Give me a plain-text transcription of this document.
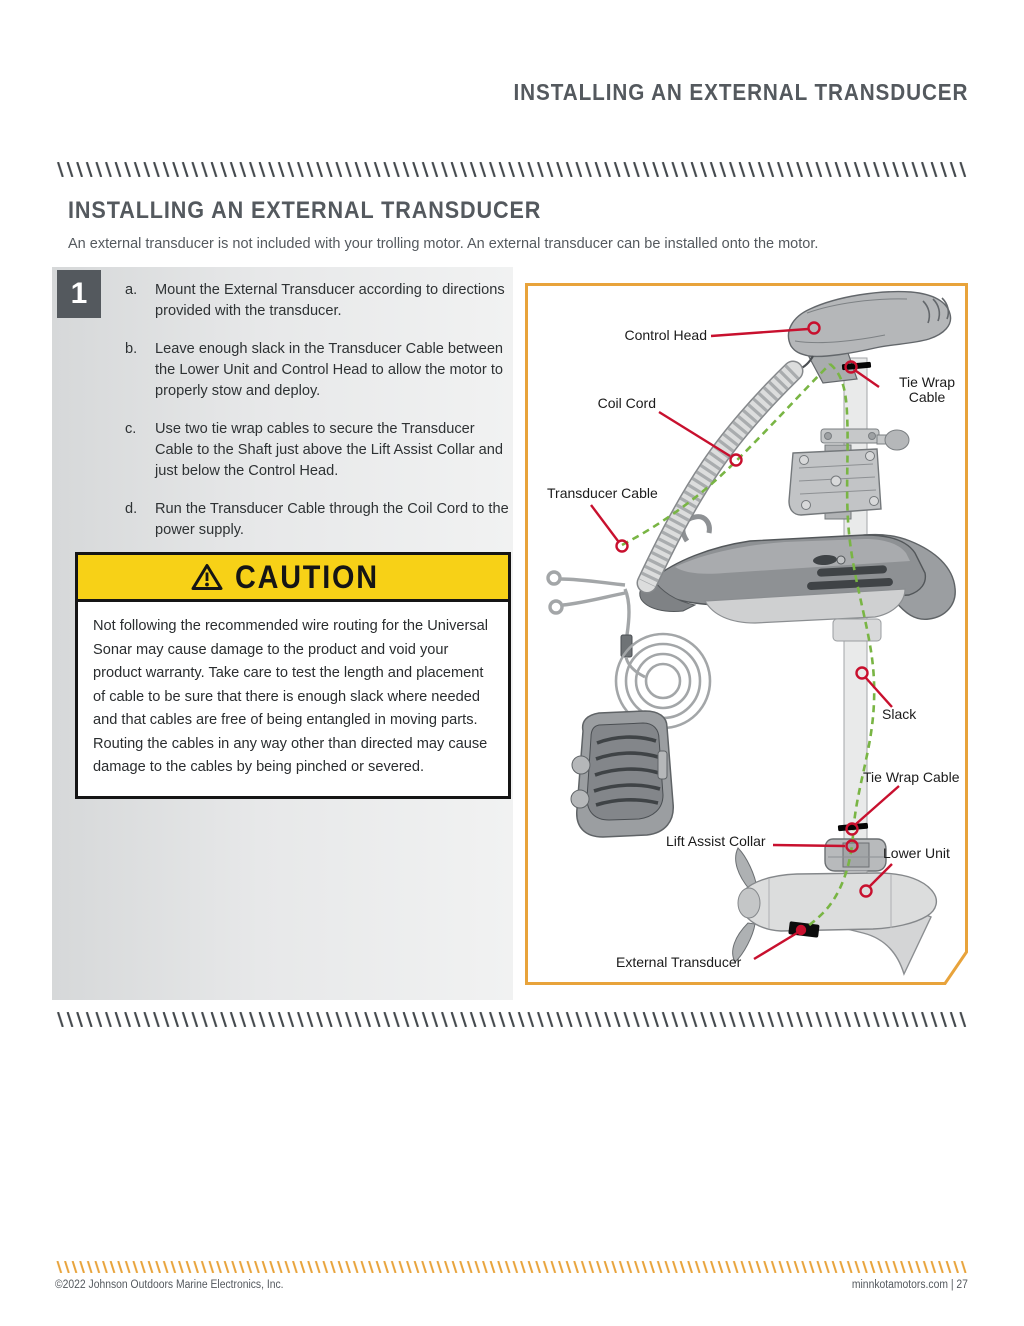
INSTALLING AN EXTERNAL TRANSDUCER
INSTALLING AN EXTERNAL TRANSDUCER
An external transducer is not included with your trolling motor. An external transducer can be installed onto the motor.
1	a.	Mount the External Transducer according to directions provided with the transducer.
b.	Leave enough slack in the Transducer Cable between the Lower Unit and Control Head to allow the motor to properly stow and deploy.
c.	Use two tie wrap cables to secure the Transducer Cable to the Shaft just above the Lift Assist Collar and just below the Control Head.
d.	Run the Transducer Cable through the Coil Cord to the power supply.
CAUTION
Not following the recommended wire routing for the Universal Sonar may cause damage to the product and void your product warranty. Take care to test the length and placement of cable to be sure that there is enough slack where needed and that cables are free of being entangled in moving parts. Routing the cables in any way other than directed may cause damage to the cables by being pinched or severed.
Control Head
Tie Wrap Cable
Coil Cord
Transducer Cable
Slack
Tie Wrap Cable
Lift Assist Collar
Lower Unit
External Transducer
©2022 Johnson Outdoors Marine Electronics, Inc.	minnkotamotors.com | 27
